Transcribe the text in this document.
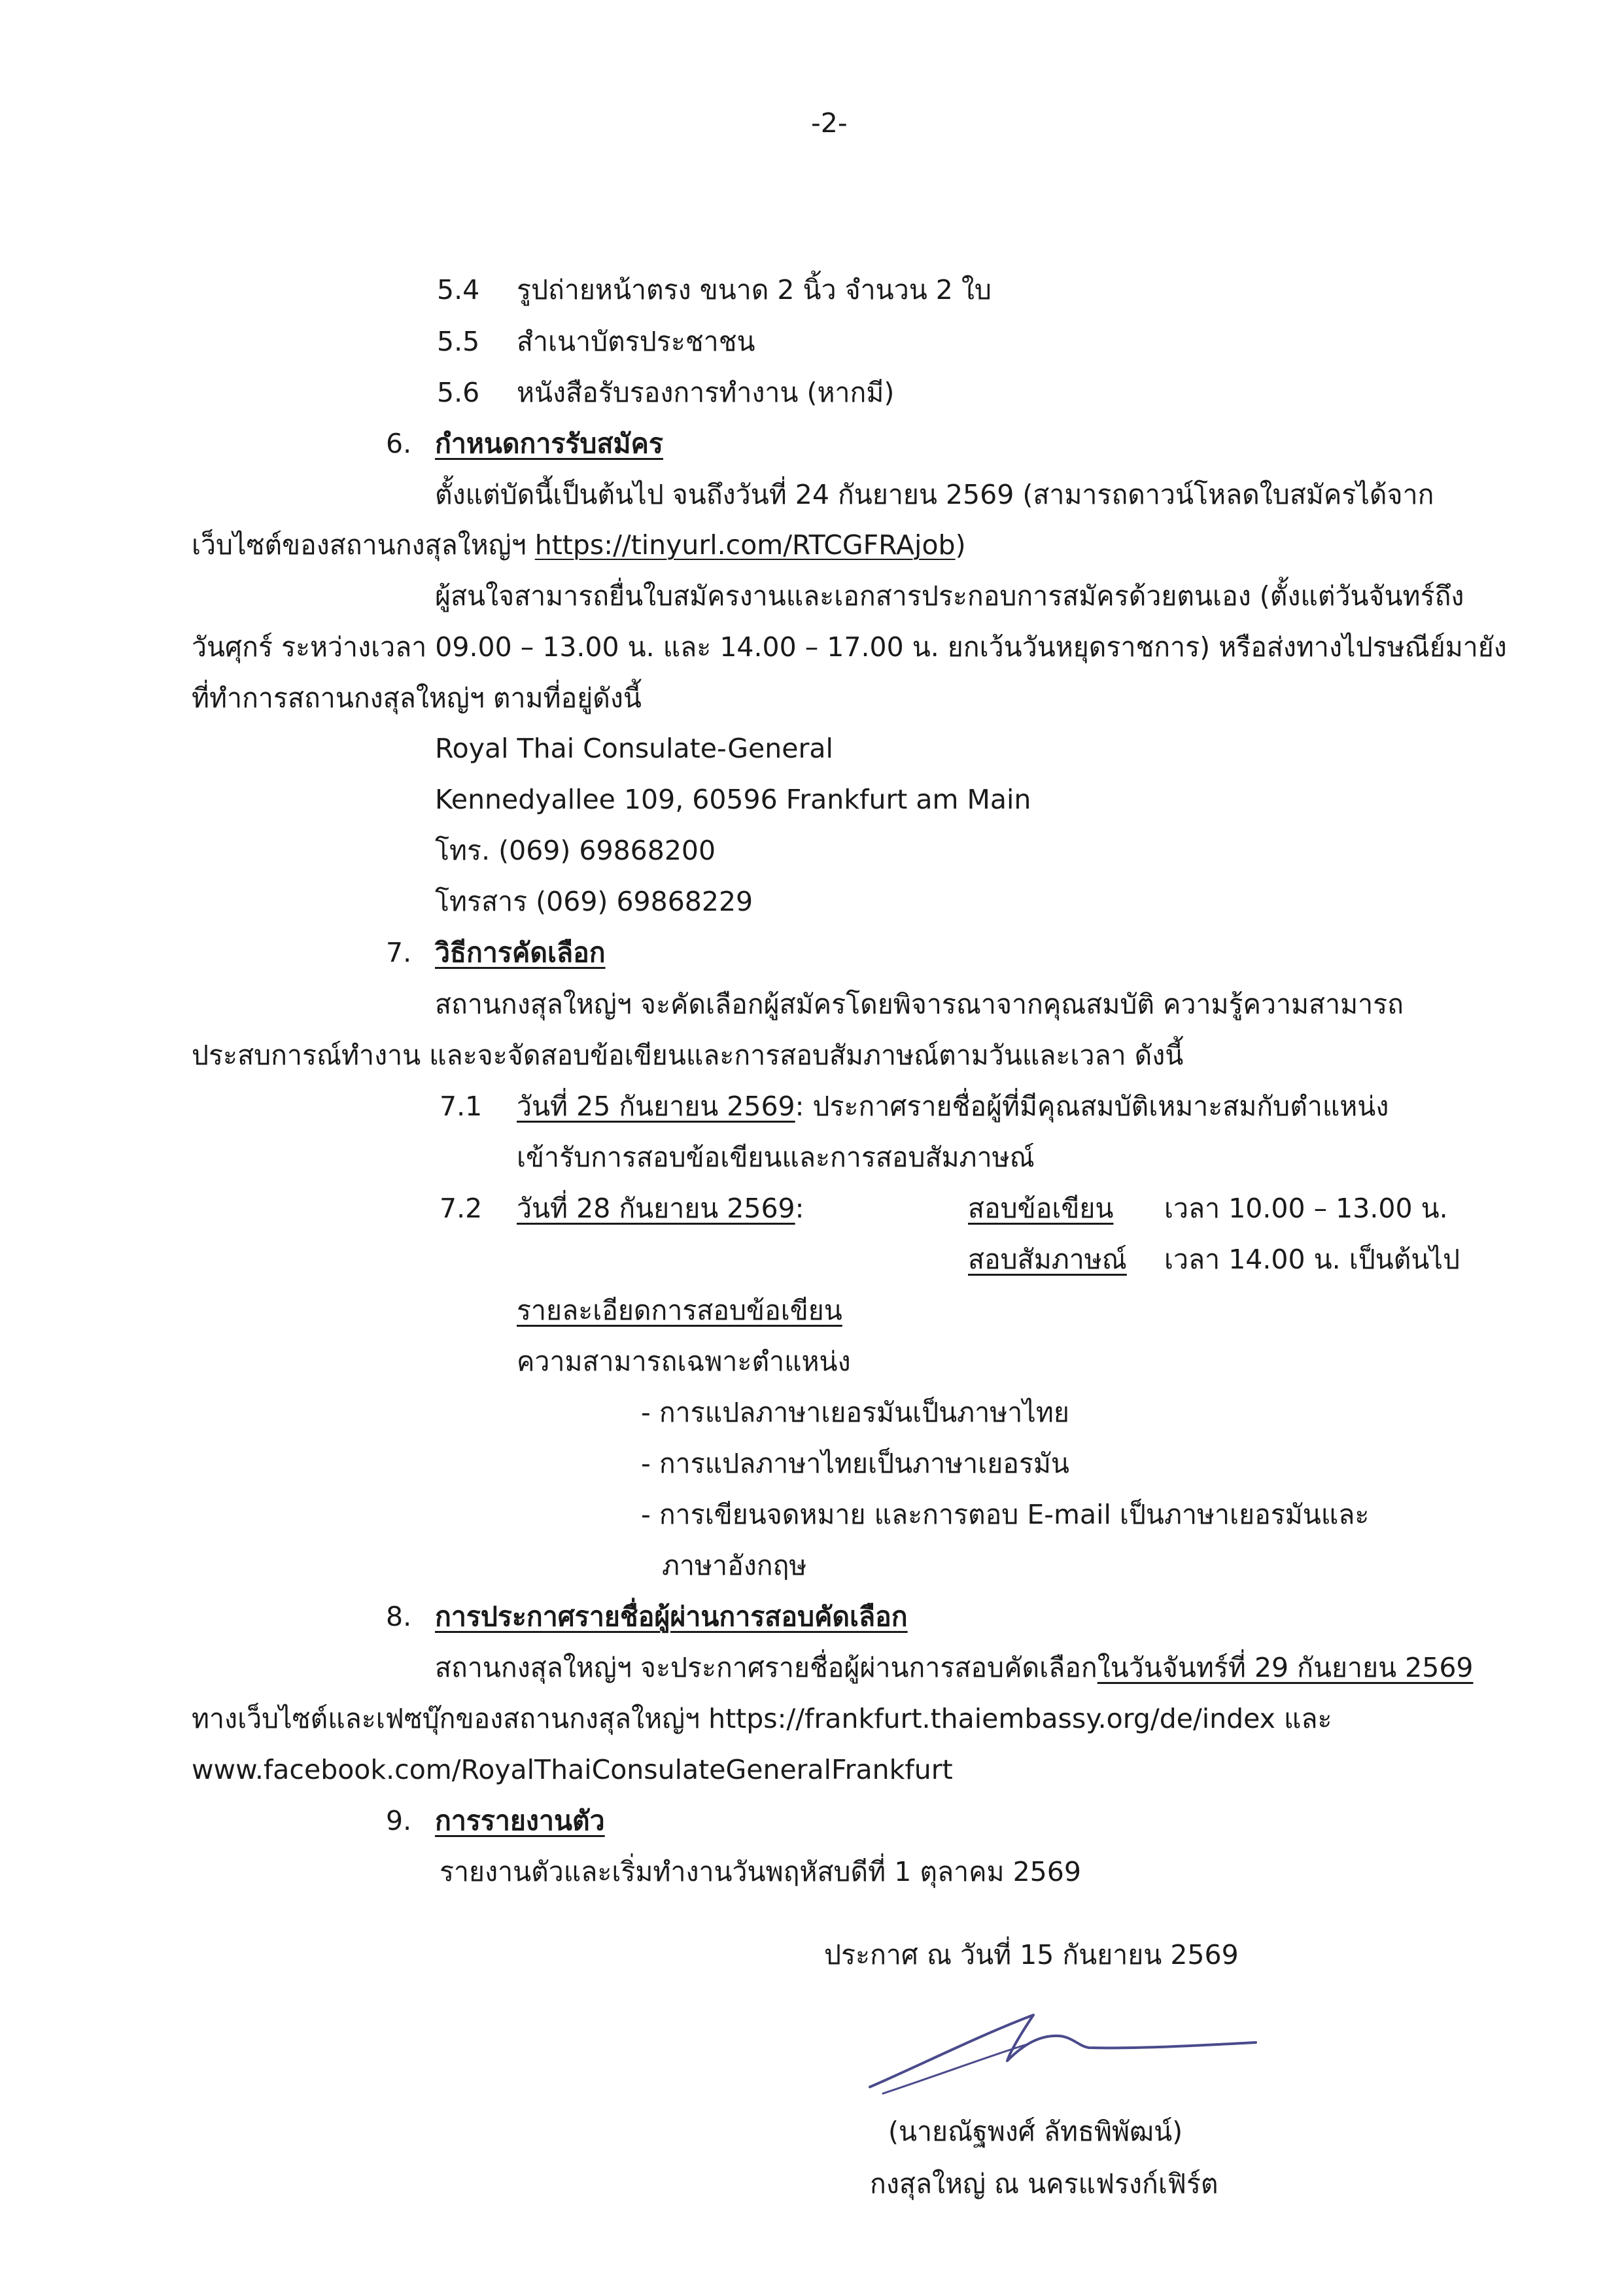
-2-
5.4 รูปถ่ายหน้าตรง ขนาด 2 นิ้ว จำนวน 2 ใบ
5.5 สำเนาบัตรประชาชน
5.6 หนังสือรับรองการทำงาน (หากมี)
6. กำหนดการรับสมัคร
ตั้งแต่บัดนี้เป็นต้นไป จนถึงวันที่ 24 กันยายน 2569 (สามารถดาวน์โหลดใบสมัครได้จาก
เว็บไซต์ของสถานกงสุลใหญ่ฯ https://tinyurl.com/RTCGFRAjob)
ผู้สนใจสามารถยื่นใบสมัครงานและเอกสารประกอบการสมัครด้วยตนเอง (ตั้งแต่วันจันทร์ถึง
วันศุกร์ ระหว่างเวลา 09.00 – 13.00 น. และ 14.00 – 17.00 น. ยกเว้นวันหยุดราชการ) หรือส่งทางไปรษณีย์มายัง
ที่ทำการสถานกงสุลใหญ่ฯ ตามที่อยู่ดังนี้
Royal Thai Consulate-General
Kennedyallee 109, 60596 Frankfurt am Main
โทร. (069) 69868200
โทรสาร (069) 69868229
7. วิธีการคัดเลือก
สถานกงสุลใหญ่ฯ จะคัดเลือกผู้สมัครโดยพิจารณาจากคุณสมบัติ ความรู้ความสามารถ
ประสบการณ์ทำงาน และจะจัดสอบข้อเขียนและการสอบสัมภาษณ์ตามวันและเวลา ดังนี้
7.1 วันที่ 25 กันยายน 2569: ประกาศรายชื่อผู้ที่มีคุณสมบัติเหมาะสมกับตำแหน่ง
เข้ารับการสอบข้อเขียนและการสอบสัมภาษณ์
7.2 วันที่ 28 กันยายน 2569:	สอบข้อเขียน เวลา 10.00 – 13.00 น.
สอบสัมภาษณ์ เวลา 14.00 น. เป็นต้นไป
รายละเอียดการสอบข้อเขียน
ความสามารถเฉพาะตำแหน่ง
- การแปลภาษาเยอรมันเป็นภาษาไทย
- การแปลภาษาไทยเป็นภาษาเยอรมัน
- การเขียนจดหมาย และการตอบ E-mail เป็นภาษาเยอรมันและ
ภาษาอังกฤษ
8. การประกาศรายชื่อผู้ผ่านการสอบคัดเลือก
สถานกงสุลใหญ่ฯ จะประกาศรายชื่อผู้ผ่านการสอบคัดเลือกในวันจันทร์ที่ 29 กันยายน 2569
ทางเว็บไซต์และเฟซบุ๊กของสถานกงสุลใหญ่ฯ https://frankfurt.thaiembassy.org/de/index และ
www.facebook.com/RoyalThaiConsulateGeneralFrankfurt
9. การรายงานตัว
รายงานตัวและเริ่มทำงานวันพฤหัสบดีที่ 1 ตุลาคม 2569
ประกาศ ณ วันที่ 15 กันยายน 2569
(นายณัฐพงศ์ ลัทธพิพัฒน์)
กงสุลใหญ่ ณ นครแฟรงก์เฟิร์ต
